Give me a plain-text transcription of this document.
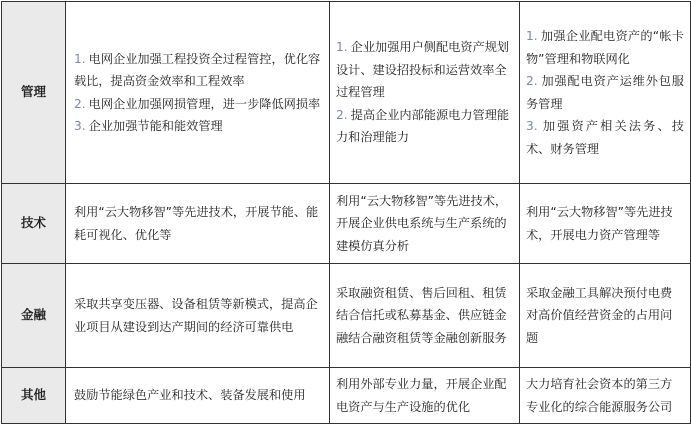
管理	1. 电网企业加强工程投资全过程管控，优化容载比，提高资金效率和工程效率
2. 电网企业加强网损管理，进一步降低网损率
3. 企业加强节能和能效管理	1. 企业加强用户侧配电资产规划设计、建设招投标和运营效率全过程管理
2. 提高企业内部能源电力管理能力和治理能力	1. 加强企业配电资产的“帐卡物”管理和物联网化
2. 加强配电资产运维外包服务管理
3. 加强资产相关法务、技术、财务管理

技术	利用“云大物移智”等先进技术，开展节能、能耗可视化、优化等	利用“云大物移智”等先进技术，开展企业供电系统与生产系统的建模仿真分析	利用“云大物移智”等先进技术，开展电力资产管理等
金融	采取共享变压器、设备租赁等新模式，提高企业项目从建设到达产期间的经济可靠供电	采取融资租赁、售后回租、租赁结合信托或私募基金、供应链金融结合融资租赁等金融创新服务	采取金融工具解决预付电费对高价值经营资金的占用问题
其他	鼓励节能绿色产业和技术、装备发展和使用	利用外部专业力量，开展企业配电资产与生产设施的优化	大力培育社会资本的第三方专业化的综合能源服务公司
